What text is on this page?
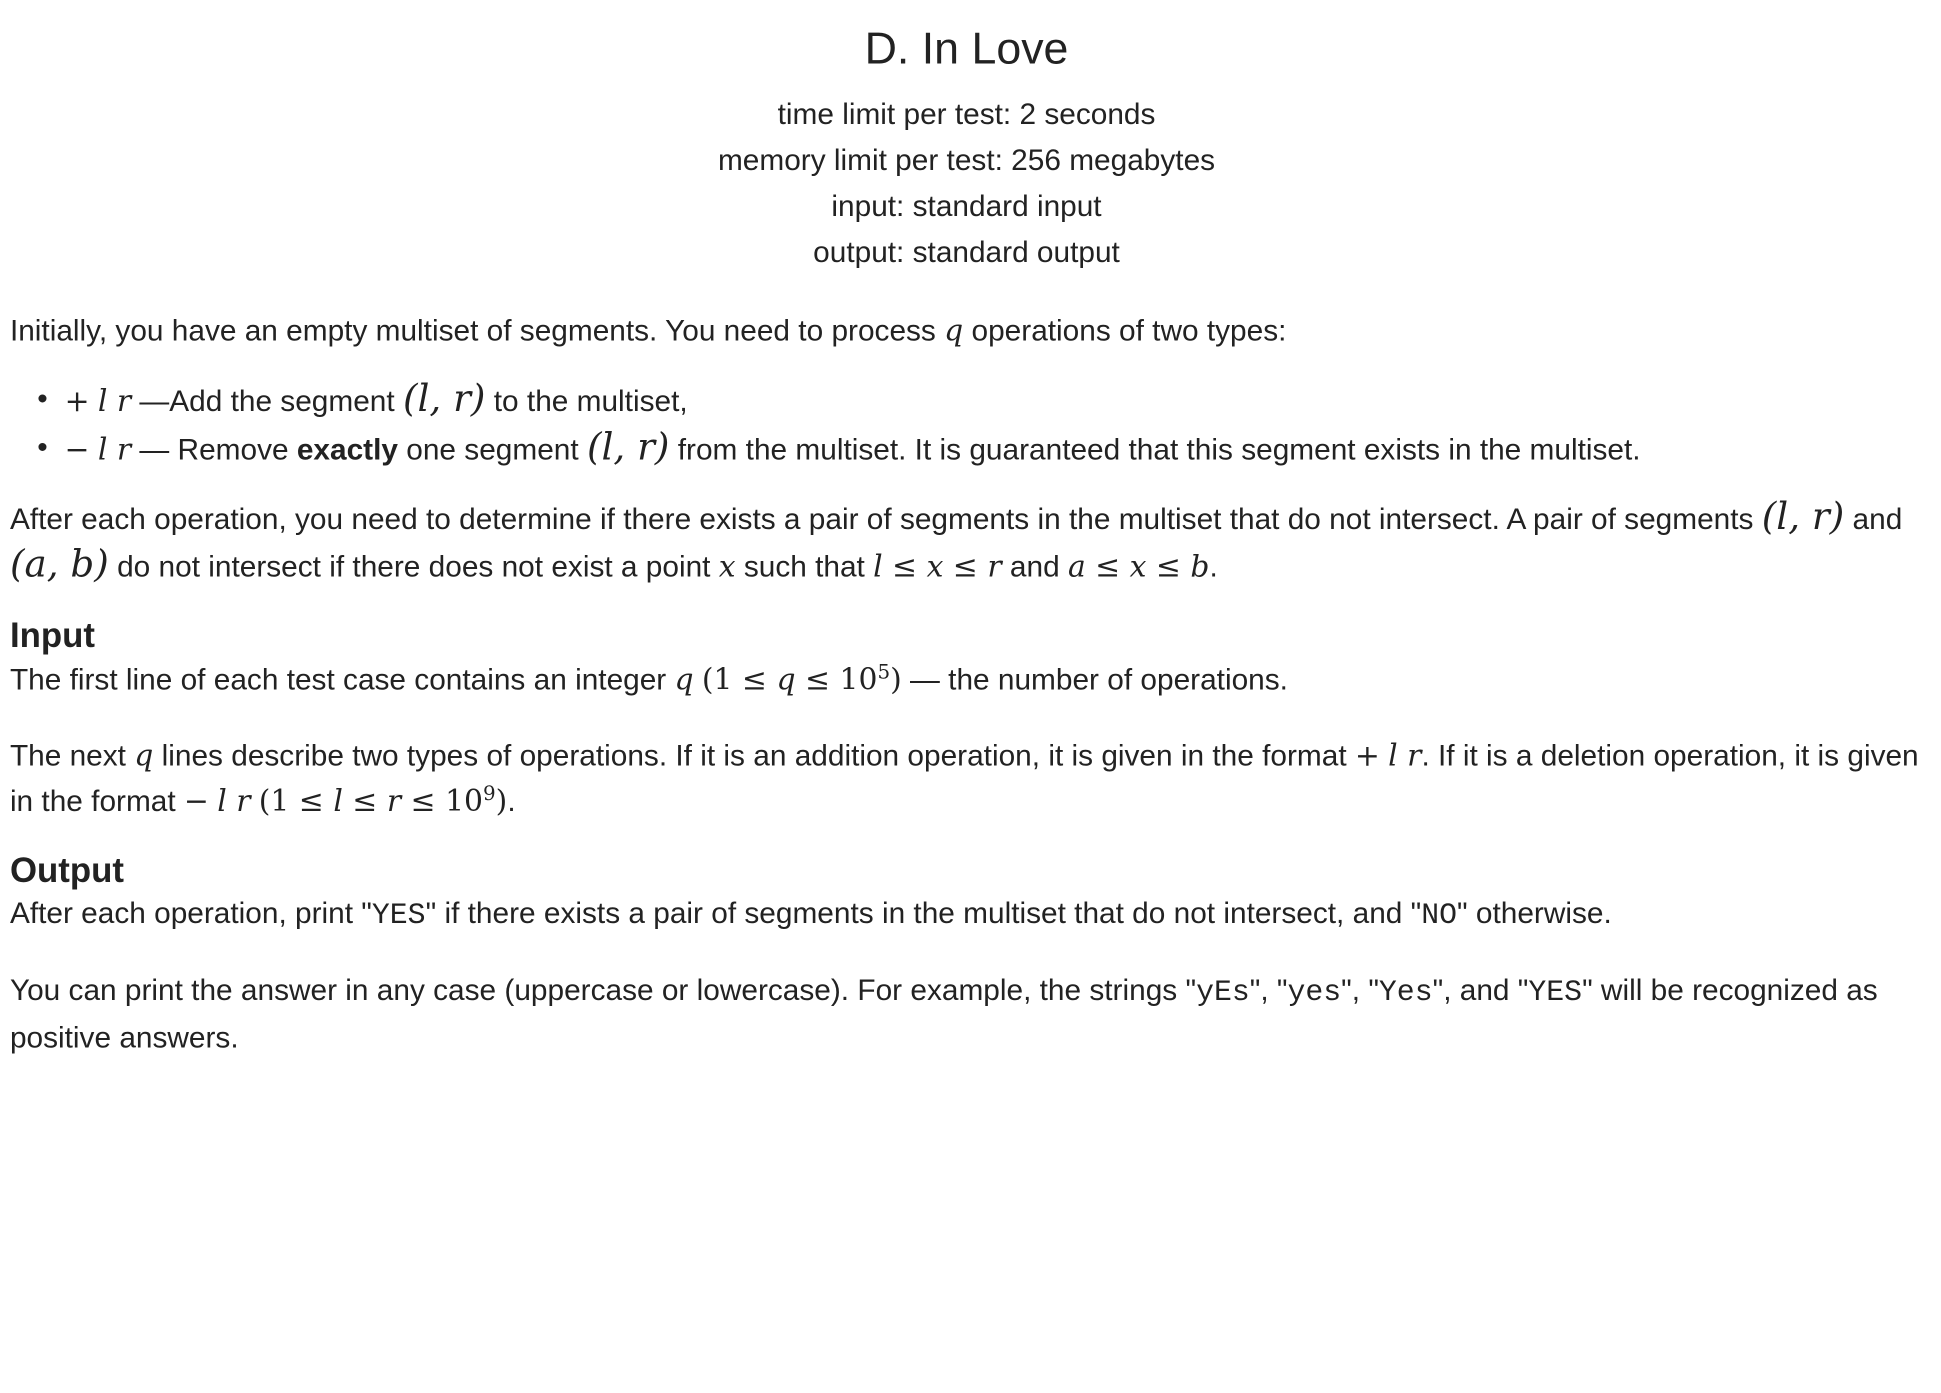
D. In Love
time limit per test: 2 seconds
memory limit per test: 256 megabytes
input: standard input
output: standard output

Initially, you have an empty multiset of segments. You need to process q operations of two types:

• + l r —Add the segment (l, r) to the multiset,
• − l r — Remove exactly one segment (l, r) from the multiset. It is guaranteed that this segment exists in the multiset.

After each operation, you need to determine if there exists a pair of segments in the multiset that do not intersect. A pair of segments (l, r) and (a, b) do not intersect if there does not exist a point x such that l ≤ x ≤ r and a ≤ x ≤ b.

Input

The first line of each test case contains an integer q $(1 \le q \le 10^5)$ — the number of operations.

The next q lines describe two types of operations. If it is an addition operation, it is given in the format + l r. If it is a deletion operation, it is given in the format − l r $(1 \le l \le r \le 10^9)$.

Output

After each operation, print "YES" if there exists a pair of segments in the multiset that do not intersect, and "NO" otherwise.

You can print the answer in any case (uppercase or lowercase). For example, the strings "yEs", "yes", "Yes", and "YES" will be recognized as positive answers.
